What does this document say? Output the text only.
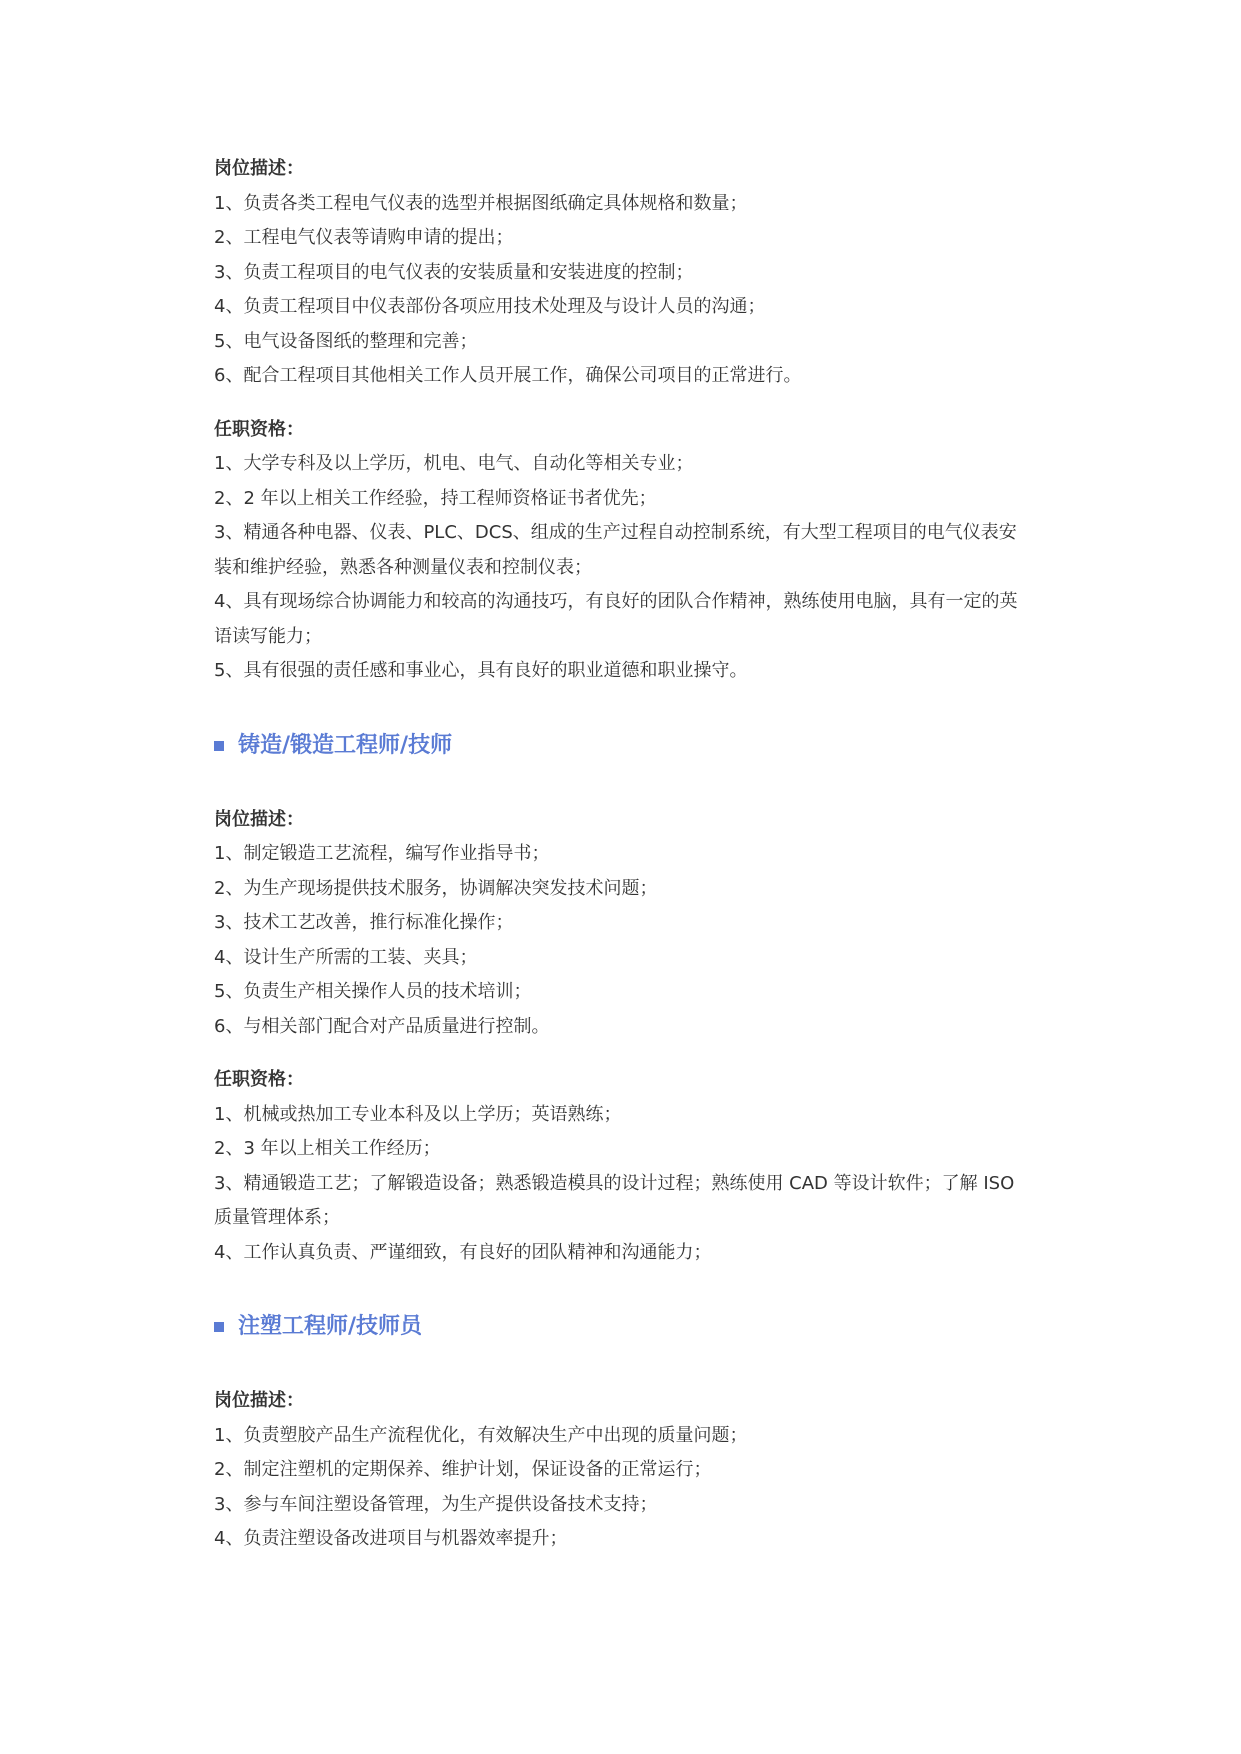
岗位描述：

1、负责各类工程电气仪表的选型并根据图纸确定具体规格和数量；

2、工程电气仪表等请购申请的提出；

3、负责工程项目的电气仪表的安装质量和安装进度的控制；

4、负责工程项目中仪表部份各项应用技术处理及与设计人员的沟通；

5、电气设备图纸的整理和完善；

6、配合工程项目其他相关工作人员开展工作，确保公司项目的正常进行。

任职资格：

1、大学专科及以上学历，机电、电气、自动化等相关专业；

2、2 年以上相关工作经验，持工程师资格证书者优先；

3、精通各种电器、仪表、PLC、DCS、组成的生产过程自动控制系统，有大型工程项目的电气仪表安装和维护经验，熟悉各种测量仪表和控制仪表；

4、具有现场综合协调能力和较高的沟通技巧，有良好的团队合作精神，熟练使用电脑，具有一定的英语读写能力；

5、具有很强的责任感和事业心，具有良好的职业道德和职业操守。

铸造/锻造工程师/技师

岗位描述：

1、制定锻造工艺流程，编写作业指导书；

2、为生产现场提供技术服务，协调解决突发技术问题；

3、技术工艺改善，推行标准化操作；

4、设计生产所需的工装、夹具；

5、负责生产相关操作人员的技术培训；

6、与相关部门配合对产品质量进行控制。

任职资格：

1、机械或热加工专业本科及以上学历；英语熟练；

2、3 年以上相关工作经历；

3、精通锻造工艺；了解锻造设备；熟悉锻造模具的设计过程；熟练使用 CAD 等设计软件；了解 ISO 质量管理体系；

4、工作认真负责、严谨细致，有良好的团队精神和沟通能力；

注塑工程师/技师员

岗位描述：

1、负责塑胶产品生产流程优化，有效解决生产中出现的质量问题；

2、制定注塑机的定期保养、维护计划，保证设备的正常运行；

3、参与车间注塑设备管理，为生产提供设备技术支持；

4、负责注塑设备改进项目与机器效率提升；
